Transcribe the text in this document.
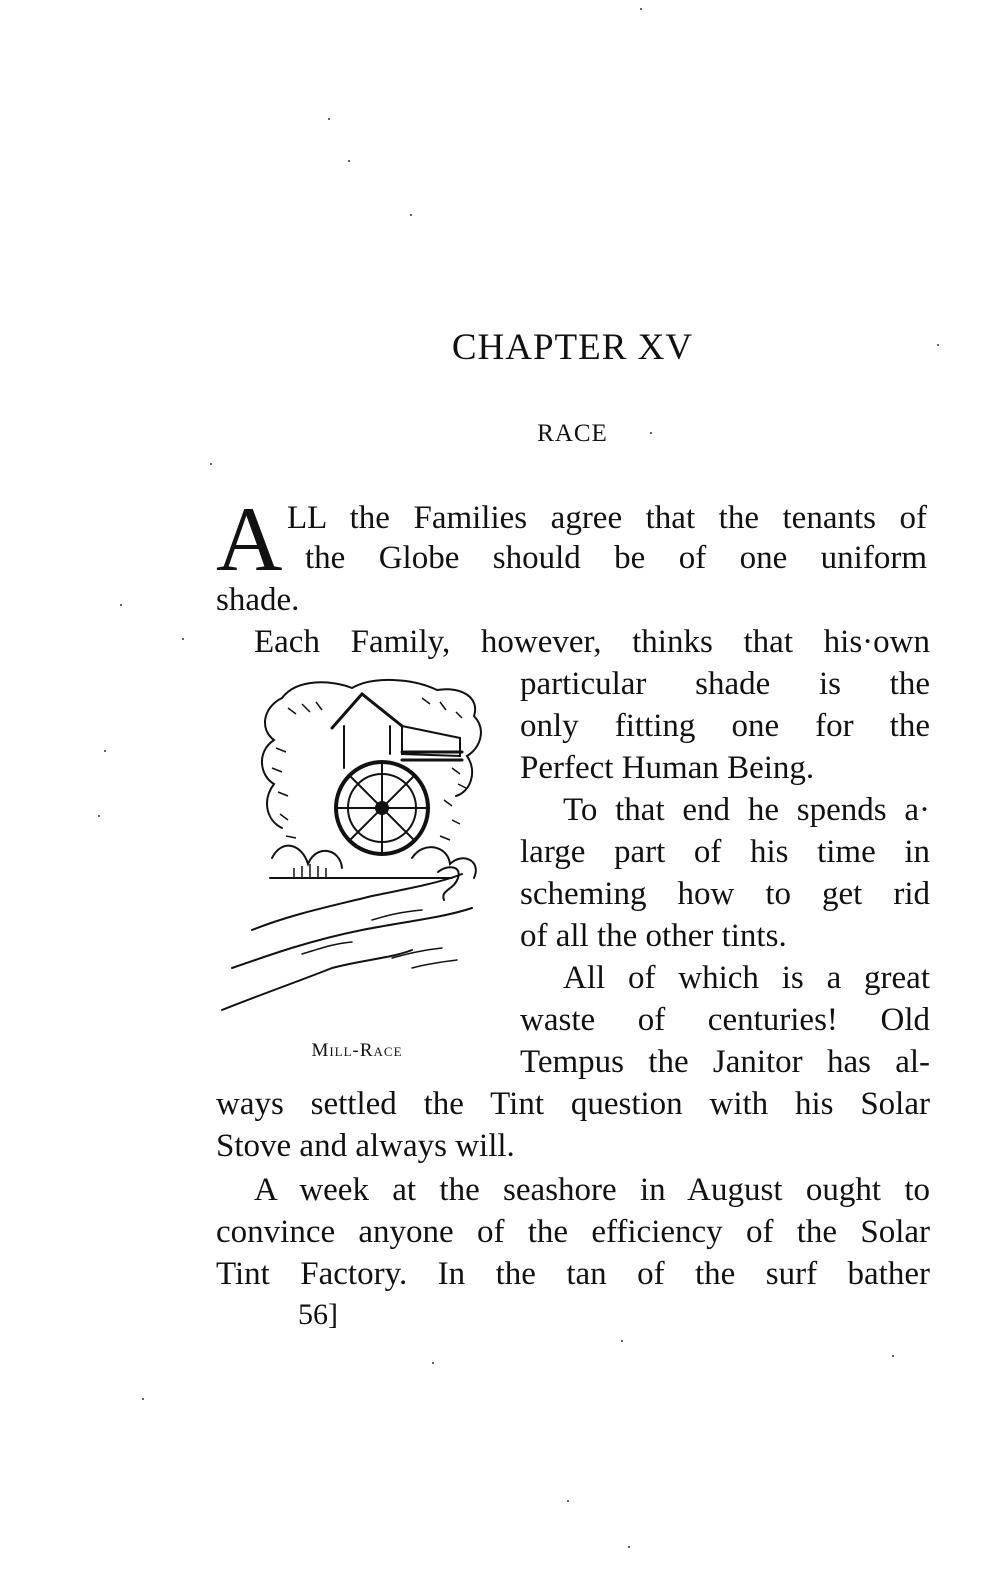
CHAPTER XV
RACE
A LL the Families agree that the tenants of

the Globe should be of one uniform

shade.

Each Family, however, thinks that his·own

particular shade is the

only fitting one for the

Perfect Human Being.

To that end he spends a·

large part of his time in

scheming how to get rid

of all the other tints.

All of which is a great

waste of centuries! Old

Tempus the Janitor has al-

ways settled the Tint question with his Solar

Stove and always will.

A week at the seashore in August ought to

convince anyone of the efficiency of the Solar

Tint Factory. In the tan of the surf bather

Mill-Race
56]
